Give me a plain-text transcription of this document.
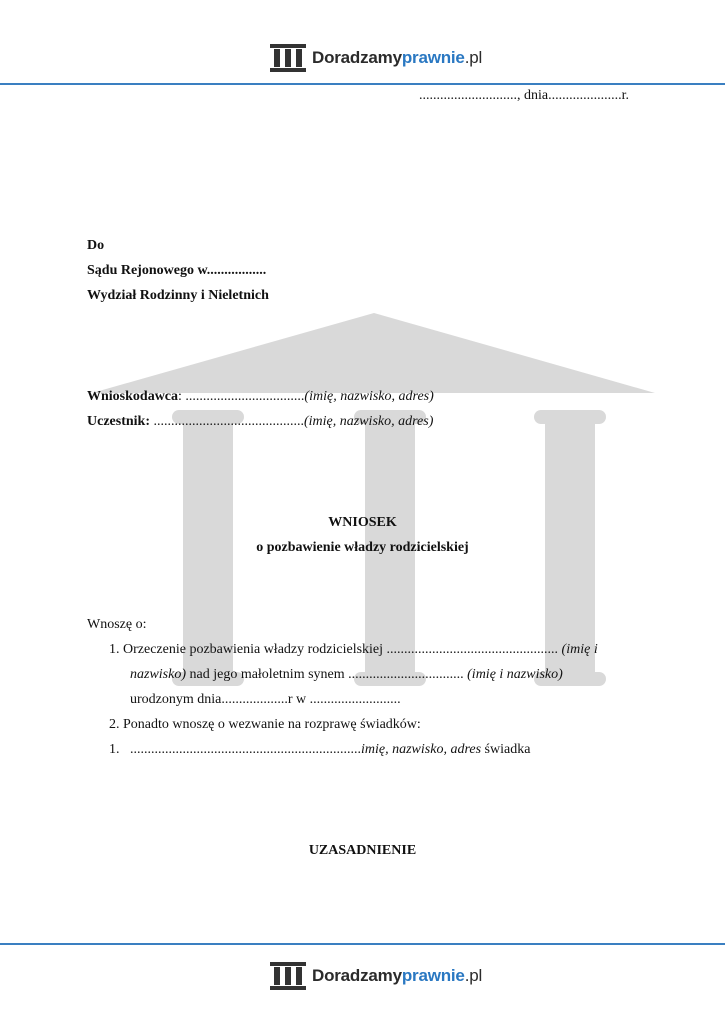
Doradzamyprawnie.pl
............................, dnia.....................r.
Do
Sądu Rejonowego w.................
Wydział Rodzinny i Nieletnich
Wnioskodawca: ..................................(imię, nazwisko, adres)
Uczestnik: ...........................................(imię, nazwisko, adres)
WNIOSEK
o pozbawienie władzy rodzicielskiej
Wnoszę o:
1. Orzeczenie pozbawienia władzy rodzicielskiej ................................................. (imię i
nazwisko) nad jego małoletnim synem ................................. (imię i nazwisko)
urodzonym dnia...................r w ..........................
2. Ponadto wnoszę o wezwanie na rozprawę świadków:
1. ..................................................................imię, nazwisko, adres świadka
UZASADNIENIE
Doradzamyprawnie.pl
